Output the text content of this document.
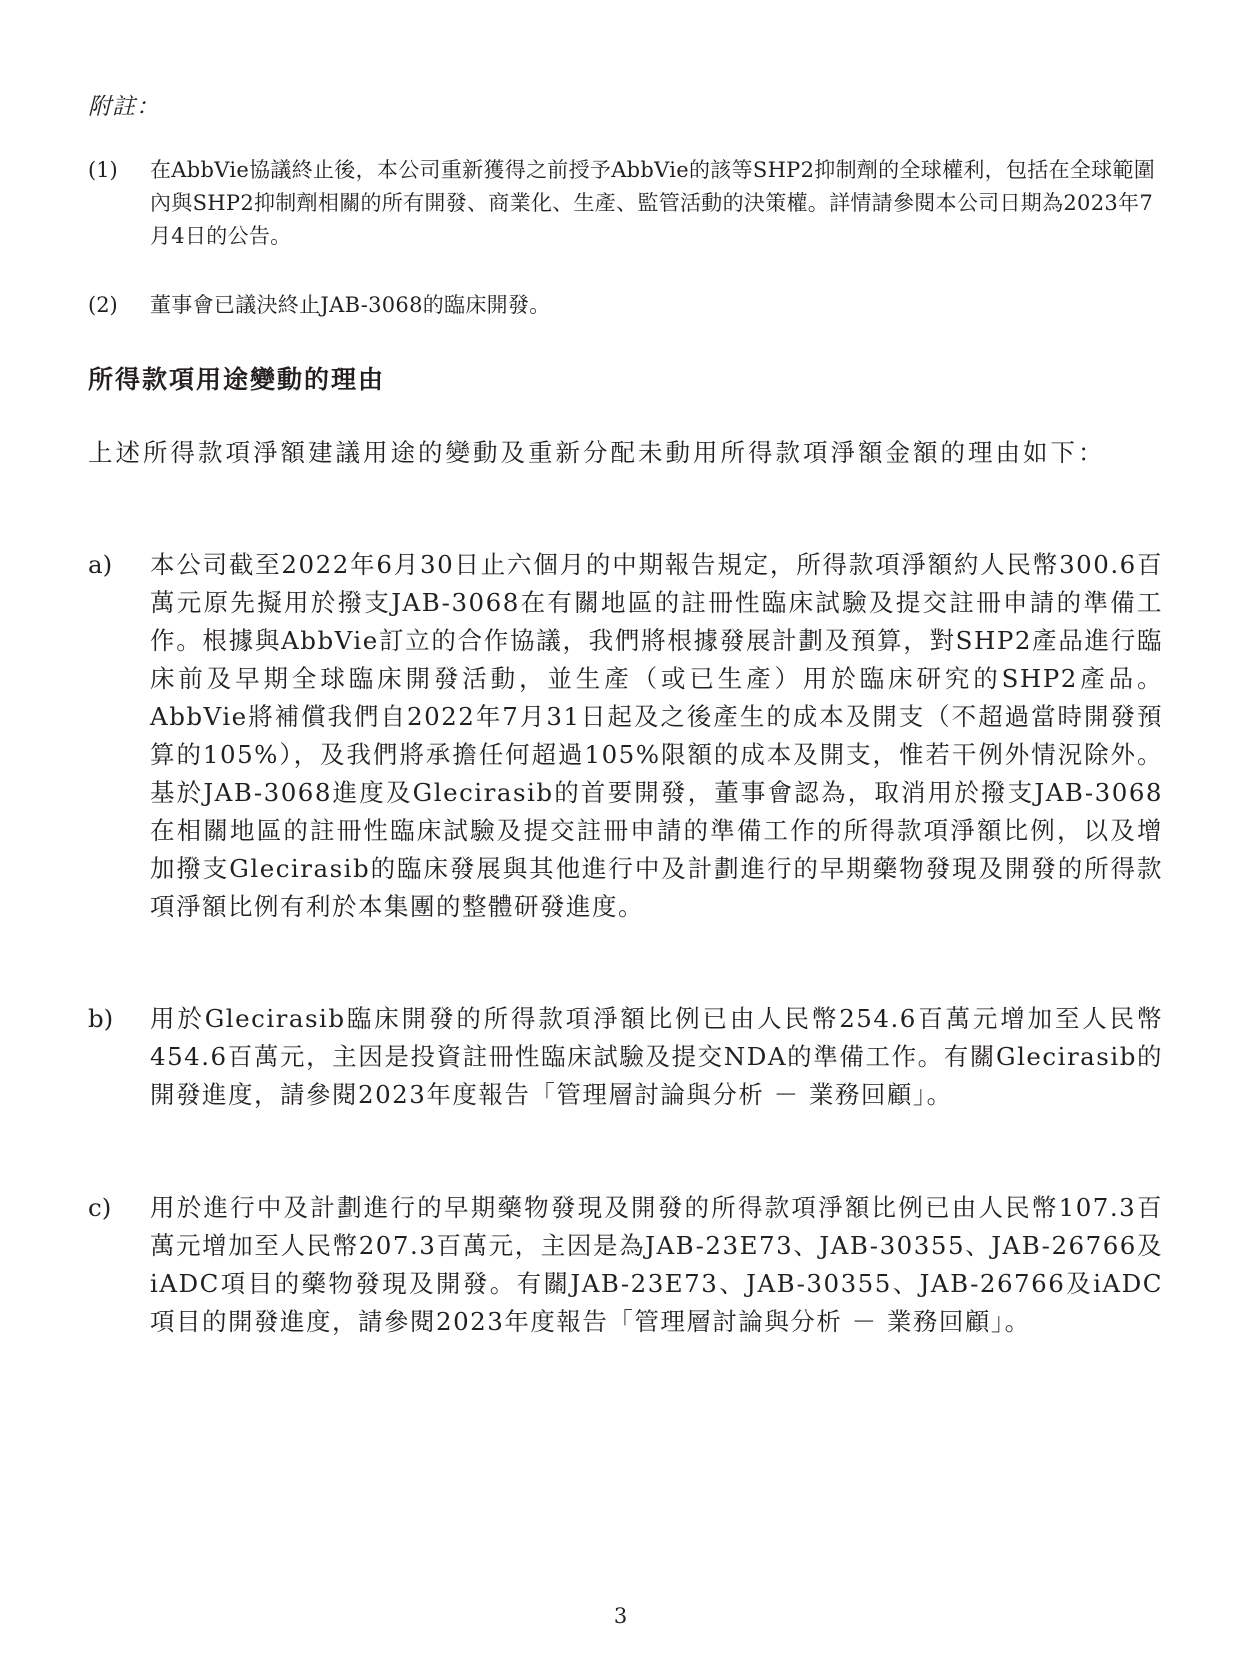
附註：
(1)	在AbbVie協議終止後，本公司重新獲得之前授予AbbVie的該等SHP2抑制劑的全球權利，包括在全球範圍內與SHP2抑制劑相關的所有開發、商業化、生產、監管活動的決策權。詳情請參閱本公司日期為2023年7月4日的公告。
(2)	董事會已議決終止JAB-3068的臨床開發。
所得款項用途變動的理由
上述所得款項淨額建議用途的變動及重新分配未動用所得款項淨額金額的理由如下：
a)	本公司截至2022年6月30日止六個月的中期報告規定，所得款項淨額約人民幣300.6百萬元原先擬用於撥支JAB-3068在有關地區的註冊性臨床試驗及提交註冊申請的準備工作。根據與AbbVie訂立的合作協議，我們將根據發展計劃及預算，對SHP2產品進行臨床前及早期全球臨床開發活動，並生產（或已生產）用於臨床研究的SHP2產品。AbbVie將補償我們自2022年7月31日起及之後產生的成本及開支（不超過當時開發預算的105%），及我們將承擔任何超過105%限額的成本及開支，惟若干例外情況除外。基於JAB-3068進度及Glecirasib的首要開發，董事會認為，取消用於撥支JAB-3068在相關地區的註冊性臨床試驗及提交註冊申請的準備工作的所得款項淨額比例，以及增加撥支Glecirasib的臨床發展與其他進行中及計劃進行的早期藥物發現及開發的所得款項淨額比例有利於本集團的整體研發進度。
b)	用於Glecirasib臨床開發的所得款項淨額比例已由人民幣254.6百萬元增加至人民幣454.6百萬元，主因是投資註冊性臨床試驗及提交NDA的準備工作。有關Glecirasib的開發進度，請參閱2023年度報告「管理層討論與分析 － 業務回顧」。
c)	用於進行中及計劃進行的早期藥物發現及開發的所得款項淨額比例已由人民幣107.3百萬元增加至人民幣207.3百萬元，主因是為JAB-23E73、JAB-30355、JAB-26766及iADC項目的藥物發現及開發。有關JAB-23E73、JAB-30355、JAB-26766及iADC項目的開發進度，請參閱2023年度報告「管理層討論與分析 － 業務回顧」。
3
